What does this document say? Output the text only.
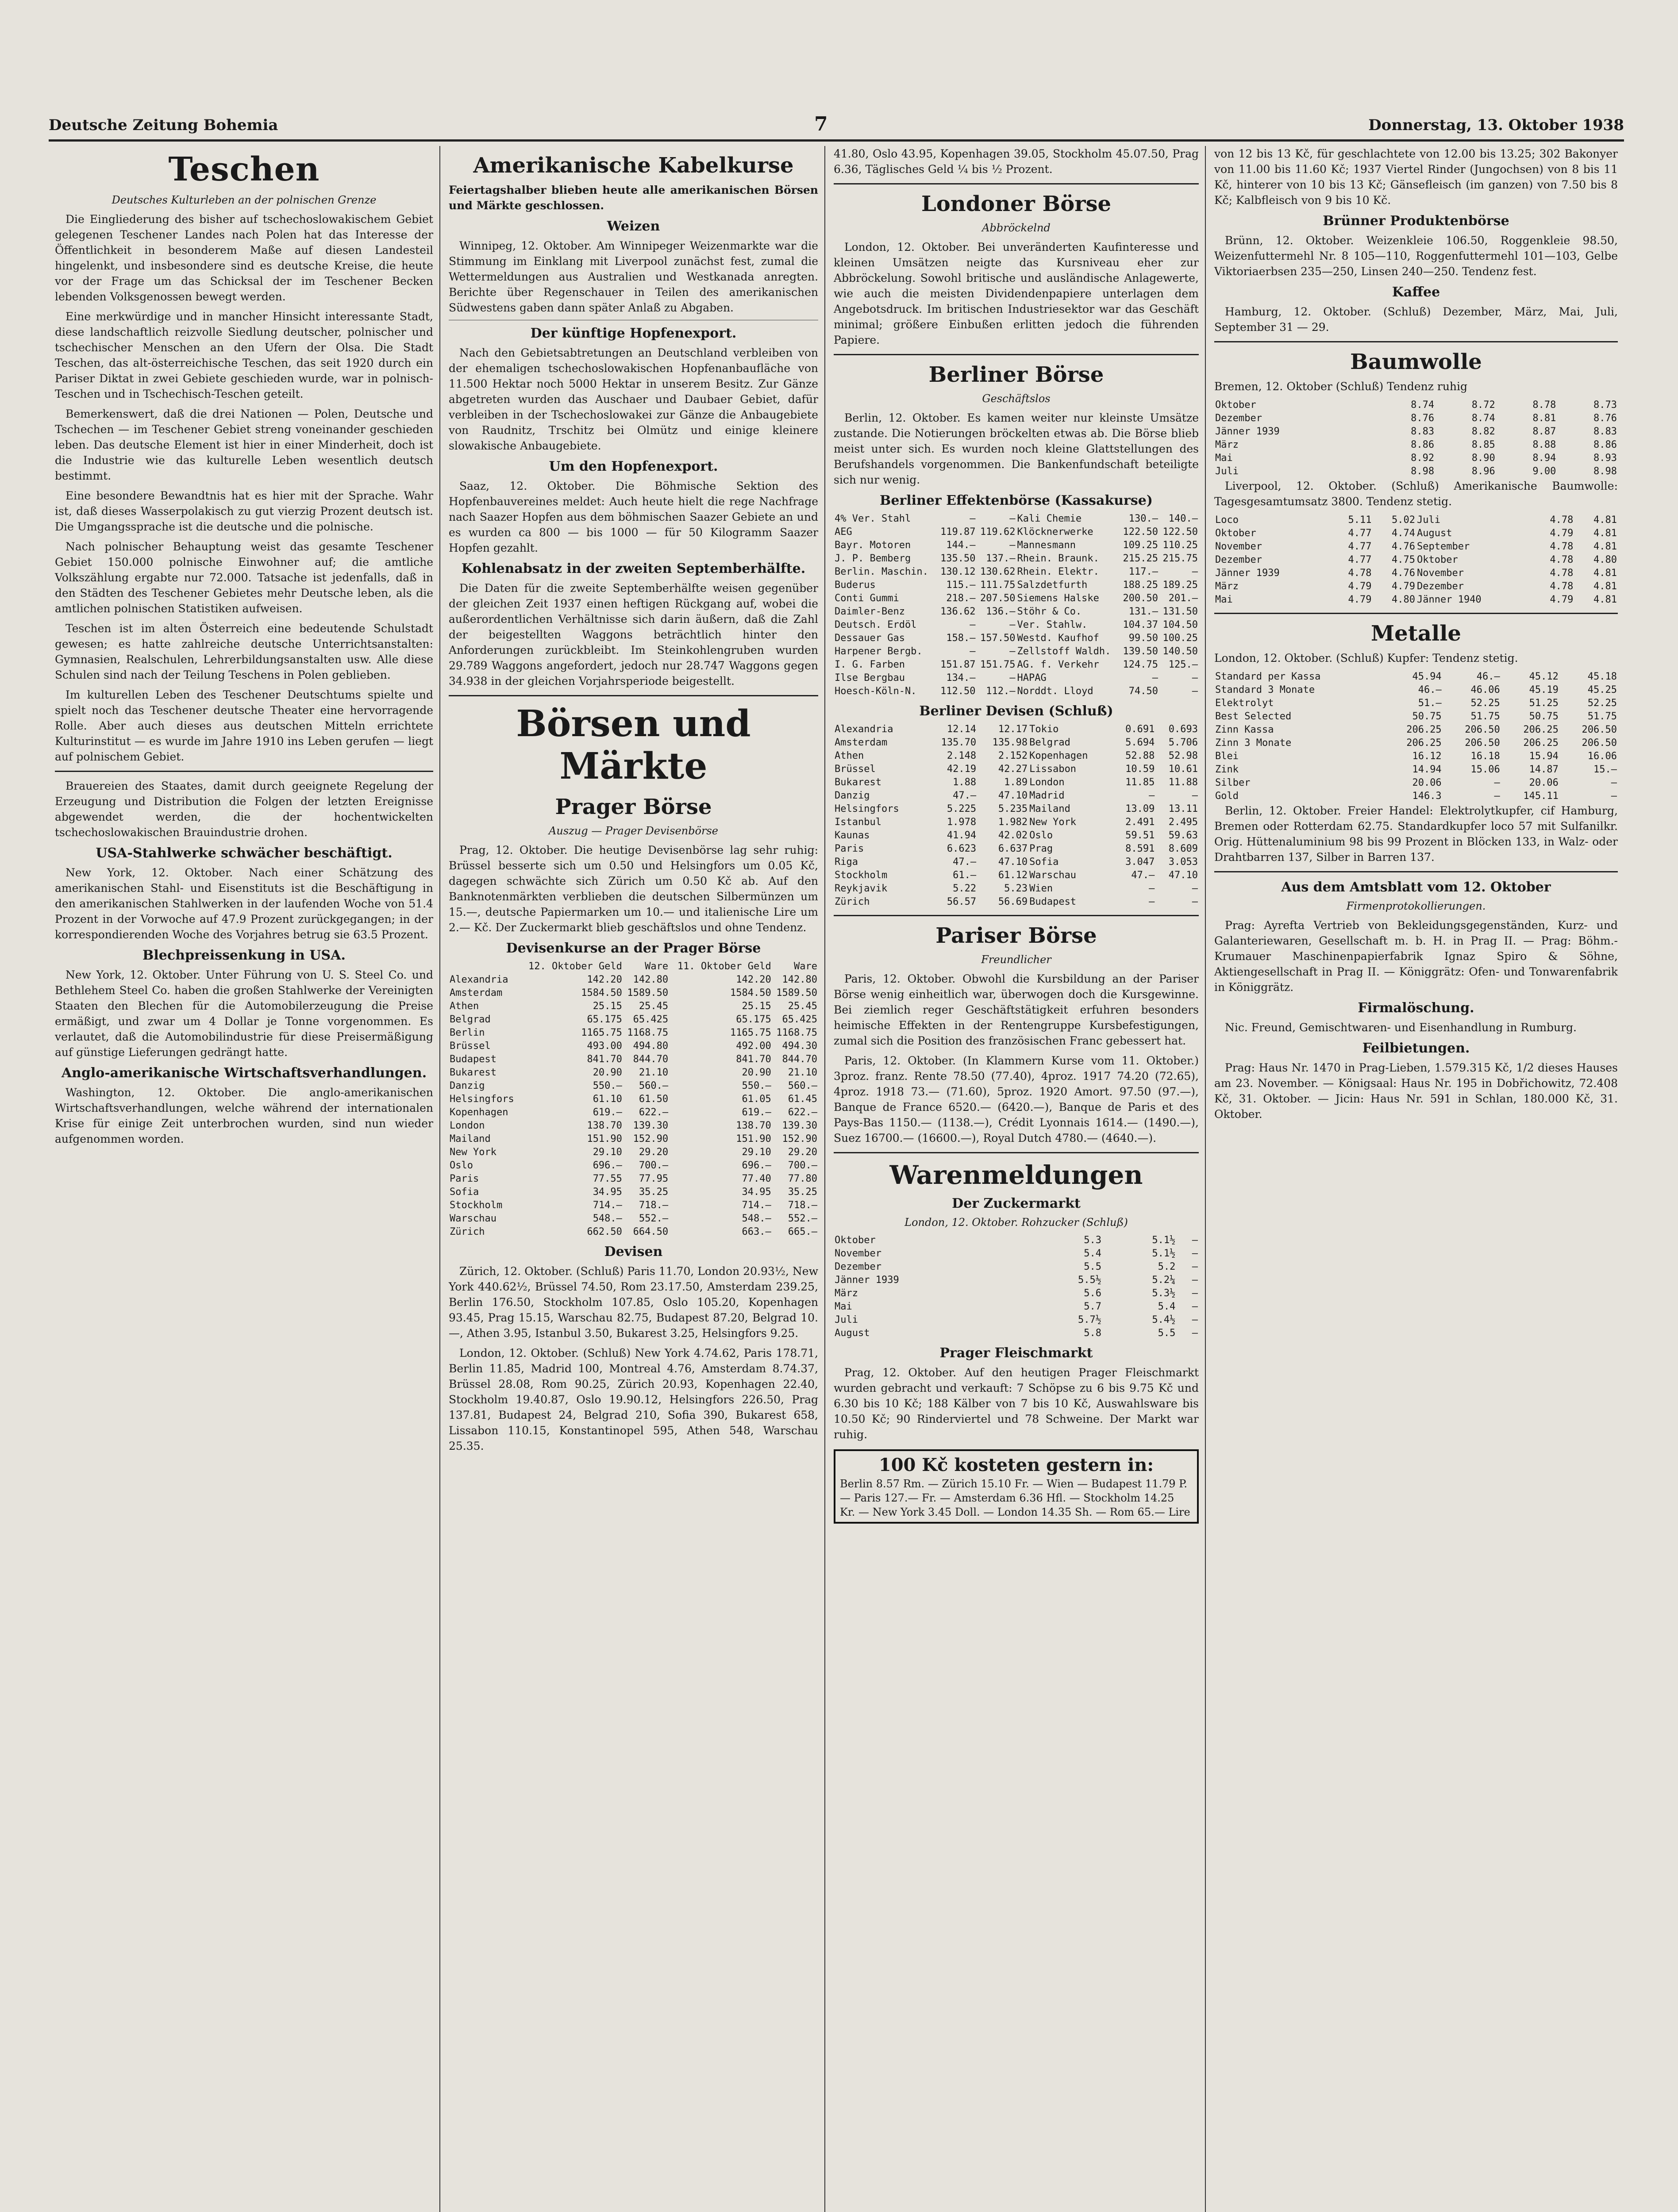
Deutsche Zeitung Bohemia	7	Donnerstag, 13. Oktober 1938
Teschen
Deutsches Kulturleben an der polnischen Grenze

Die Eingliederung des bisher auf tschechoslowakischem Gebiet gelegenen Teschener Landes nach Polen hat das Interesse der Öffentlichkeit in besonderem Maße auf diesen Landesteil hingelenkt, und insbesondere sind es deutsche Kreise, die heute vor der Frage um das Schicksal der im Teschener Becken lebenden Volksgenossen bewegt werden.

Eine merkwürdige und in mancher Hinsicht interessante Stadt, diese landschaftlich reizvolle Siedlung deutscher, polnischer und tschechischer Menschen an den Ufern der Olsa. Die Stadt Teschen, das alt-österreichische Teschen, das seit 1920 durch ein Pariser Diktat in zwei Gebiete geschieden wurde, war in polnisch-Teschen und in Tschechisch-Teschen geteilt.

Bemerkenswert, daß die drei Nationen — Polen, Deutsche und Tschechen — im Teschener Gebiet streng voneinander geschieden leben. Das deutsche Element ist hier in einer Minderheit, doch ist die Industrie wie das kulturelle Leben wesentlich deutsch bestimmt.

Eine besondere Bewandtnis hat es hier mit der Sprache. Wahr ist, daß dieses Wasserpolakisch zu gut vierzig Prozent deutsch ist. Die Umgangssprache ist die deutsche und die polnische.

Nach polnischer Behauptung weist das gesamte Teschener Gebiet 150.000 polnische Einwohner auf; die amtliche Volkszählung ergabte nur 72.000. Tatsache ist jedenfalls, daß in den Städten des Teschener Gebietes mehr Deutsche leben, als die amtlichen polnischen Statistiken aufweisen.

Teschen ist im alten Österreich eine bedeutende Schulstadt gewesen; es hatte zahlreiche deutsche Unterrichtsanstalten: Gymnasien, Realschulen, Lehrerbildungsanstalten usw. Alle diese Schulen sind nach der Teilung Teschens in Polen geblieben.

Im kulturellen Leben des Teschener Deutschtums spielte und spielt noch das Teschener deutsche Theater eine hervorragende Rolle. Aber auch dieses aus deutschen Mitteln errichtete Kulturinstitut — es wurde im Jahre 1910 ins Leben gerufen — liegt auf polnischem Gebiet.

Brauereien des Staates, damit durch geeignete Regelung der Erzeugung und Distribution die Folgen der letzten Ereignisse abgewendet werden, die der hochentwickelten tschechoslowakischen Brauindustrie drohen.

USA-Stahlwerke schwächer beschäftigt.

New York, 12. Oktober. Nach einer Schätzung des amerikanischen Stahl- und Eisenstituts ist die Beschäftigung in den amerikanischen Stahlwerken in der laufenden Woche von 51.4 Prozent in der Vorwoche auf 47.9 Prozent zurückgegangen; in der korrespondierenden Woche des Vorjahres betrug sie 63.5 Prozent.

Blechpreissenkung in USA.

New York, 12. Oktober. Unter Führung von U. S. Steel Co. und Bethlehem Steel Co. haben die großen Stahlwerke der Vereinigten Staaten den Blechen für die Automobilerzeugung die Preise ermäßigt, und zwar um 4 Dollar je Tonne vorgenommen. Es verlautet, daß die Automobilindustrie für diese Preisermäßigung auf günstige Lieferungen gedrängt hatte.

Anglo-amerikanische Wirtschaftsverhandlungen.

Washington, 12. Oktober. Die anglo-amerikanischen Wirtschaftsverhandlungen, welche während der internationalen Krise für einige Zeit unterbrochen wurden, sind nun wieder aufgenommen worden.

Amerikanische Kabelkurse

Feiertagshalber blieben heute alle amerikanischen Börsen und Märkte geschlossen.

Weizen

Winnipeg, 12. Oktober. Am Winnipeger Weizenmarkte war die Stimmung im Einklang mit Liverpool zunächst fest, zumal die Wettermeldungen aus Australien und Westkanada anregten. Berichte über Regenschauer in Teilen des amerikanischen Südwestens gaben dann später Anlaß zu Abgaben.

Der künftige Hopfenexport.

Nach den Gebietsabtretungen an Deutschland verbleiben von der ehemaligen tschechoslowakischen Hopfenanbaufläche von 11.500 Hektar noch 5000 Hektar in unserem Besitz. Zur Gänze abgetreten wurden das Auschaer und Daubaer Gebiet, dafür verbleiben in der Tschechoslowakei zur Gänze die Anbaugebiete von Raudnitz, Trschitz bei Olmütz und einige kleinere slowakische Anbaugebiete.

Um den Hopfenexport.

Saaz, 12. Oktober. Die Böhmische Sektion des Hopfenbauvereines meldet: Auch heute hielt die rege Nachfrage nach Saazer Hopfen aus dem böhmischen Saazer Gebiete an und es wurden ca 800 — bis 1000 — für 50 Kilogramm Saazer Hopfen gezahlt.

Kohlenabsatz in der zweiten Septemberhälfte.

Die Daten für die zweite Septemberhälfte weisen gegenüber der gleichen Zeit 1937 einen heftigen Rückgang auf, wobei die außerordentlichen Verhältnisse sich darin äußern, daß die Zahl der beigestellten Waggons beträchtlich hinter den Anforderungen zurückbleibt. Im Steinkohlengruben wurden 29.789 Waggons angefordert, jedoch nur 28.747 Waggons gegen 34.938 in der gleichen Vorjahrsperiode beigestellt.

Börsen und Märkte
Prager Börse
Auszug — Prager Devisenbörse

Prag, 12. Oktober. Die heutige Devisenbörse lag sehr ruhig: Brüssel besserte sich um 0.50 und Helsingfors um 0.05 Kč, dagegen schwächte sich Zürich um 0.50 Kč ab. Auf den Banknotenmärkten verblieben die deutschen Silbermünzen um 15.—, deutsche Papiermarken um 10.— und italienische Lire um 2.— Kč. Der Zuckermarkt blieb geschäftslos und ohne Tendenz.

Devisenkurse an der Prager Börse
	12. Oktober Geld	Ware	11. Oktober Geld	Ware
Alexandria	142.20	142.80	142.20	142.80
Amsterdam	1584.50	1589.50	1584.50	1589.50
Athen	25.15	25.45	25.15	25.45
Belgrad	65.175	65.425	65.175	65.425
Berlin	1165.75	1168.75	1165.75	1168.75
Brüssel	493.00	494.80	492.00	494.30
Budapest	841.70	844.70	841.70	844.70
Bukarest	20.90	21.10	20.90	21.10
Danzig	550.—	560.—	550.—	560.—
Helsingfors	61.10	61.50	61.05	61.45
Kopenhagen	619.—	622.—	619.—	622.—
London	138.70	139.30	138.70	139.30
Mailand	151.90	152.90	151.90	152.90
New York	29.10	29.20	29.10	29.20
Oslo	696.—	700.—	696.—	700.—
Paris	77.55	77.95	77.40	77.80
Sofia	34.95	35.25	34.95	35.25
Stockholm	714.—	718.—	714.—	718.—
Warschau	548.—	552.—	548.—	552.—
Zürich	662.50	664.50	663.—	665.—
Devisen

Zürich, 12. Oktober. (Schluß) Paris 11.70, London 20.93½, New York 440.62½, Brüssel 74.50, Rom 23.17.50, Amsterdam 239.25, Berlin 176.50, Stockholm 107.85, Oslo 105.20, Kopenhagen 93.45, Prag 15.15, Warschau 82.75, Budapest 87.20, Belgrad 10.—, Athen 3.95, Istanbul 3.50, Bukarest 3.25, Helsingfors 9.25.

London, 12. Oktober. (Schluß) New York 4.74.62, Paris 178.71, Berlin 11.85, Madrid 100, Montreal 4.76, Amsterdam 8.74.37, Brüssel 28.08, Rom 90.25, Zürich 20.93, Kopenhagen 22.40, Stockholm 19.40.87, Oslo 19.90.12, Helsingfors 226.50, Prag 137.81, Budapest 24, Belgrad 210, Sofia 390, Bukarest 658, Lissabon 110.15, Konstantinopel 595, Athen 548, Warschau 25.35.

41.80, Oslo 43.95, Kopenhagen 39.05, Stockholm 45.07.50, Prag 6.36, Täglisches Geld ¼ bis ½ Prozent.

Londoner Börse
Abbröckelnd

London, 12. Oktober. Bei unveränderten Kaufinteresse und kleinen Umsätzen neigte das Kursniveau eher zur Abbröckelung. Sowohl britische und ausländische Anlagewerte, wie auch die meisten Dividendenpapiere unterlagen dem Angebotsdruck. Im britischen Industriesektor war das Geschäft minimal; größere Einbußen erlitten jedoch die führenden Papiere.

Berliner Börse
Geschäftslos

Berlin, 12. Oktober. Es kamen weiter nur kleinste Umsätze zustande. Die Notierungen bröckelten etwas ab. Die Börse blieb meist unter sich. Es wurden noch kleine Glattstellungen des Berufshandels vorgenommen. Die Bankenfundschaft beteiligte sich nur wenig.

Berliner Effektenbörse (Kassakurse)
4% Ver. Stahl	—	—	Kali Chemie	130.—	140.—
AEG	119.87	119.62	Klöcknerwerke	122.50	122.50
Bayr. Motoren	144.—	—	Mannesmann	109.25	110.25
J. P. Bemberg	135.50	137.—	Rhein. Braunk.	215.25	215.75
Berlin. Maschin.	130.12	130.62	Rhein. Elektr.	117.—	—
Buderus	115.—	111.75	Salzdetfurth	188.25	189.25
Conti Gummi	218.—	207.50	Siemens Halske	200.50	201.—
Daimler-Benz	136.62	136.—	Stöhr & Co.	131.—	131.50
Deutsch. Erdöl	—	—	Ver. Stahlw.	104.37	104.50
Dessauer Gas	158.—	157.50	Westd. Kaufhof	99.50	100.25
Harpener Bergb.	—	—	Zellstoff Waldh.	139.50	140.50
I. G. Farben	151.87	151.75	AG. f. Verkehr	124.75	125.—
Ilse Bergbau	134.—	—	HAPAG	—	—
Hoesch-Köln-N.	112.50	112.—	Norddt. Lloyd	74.50	—
Berliner Devisen (Schluß)
Alexandria	12.14	12.17	Tokio	0.691	0.693
Amsterdam	135.70	135.98	Belgrad	5.694	5.706
Athen	2.148	2.152	Kopenhagen	52.88	52.98
Brüssel	42.19	42.27	Lissabon	10.59	10.61
Bukarest	1.88	1.89	London	11.85	11.88
Danzig	47.—	47.10	Madrid	—	—
Helsingfors	5.225	5.235	Mailand	13.09	13.11
Istanbul	1.978	1.982	New York	2.491	2.495
Kaunas	41.94	42.02	Oslo	59.51	59.63
Paris	6.623	6.637	Prag	8.591	8.609
Riga	47.—	47.10	Sofia	3.047	3.053
Stockholm	61.—	61.12	Warschau	47.—	47.10
Reykjavik	5.22	5.23	Wien	—	—
Zürich	56.57	56.69	Budapest	—	—
Pariser Börse
Freundlicher

Paris, 12. Oktober. Obwohl die Kursbildung an der Pariser Börse wenig einheitlich war, überwogen doch die Kursgewinne. Bei ziemlich reger Geschäftstätigkeit erfuhren besonders heimische Effekten in der Rentengruppe Kursbefestigungen, zumal sich die Position des französischen Franc gebessert hat.

Paris, 12. Oktober. (In Klammern Kurse vom 11. Oktober.) 3proz. franz. Rente 78.50 (77.40), 4proz. 1917 74.20 (72.65), 4proz. 1918 73.— (71.60), 5proz. 1920 Amort. 97.50 (97.—), Banque de France 6520.— (6420.—), Banque de Paris et des Pays-Bas 1150.— (1138.—), Crédit Lyonnais 1614.— (1490.—), Suez 16700.— (16600.—), Royal Dutch 4780.— (4640.—).

Warenmeldungen
Der Zuckermarkt
London, 12. Oktober. Rohzucker (Schluß)
Oktober	5.3	5.1½	—
November	5.4	5.1½	—
Dezember	5.5	5.2	—
Jänner 1939	5.5½	5.2¼	—
März	5.6	5.3½	—
Mai	5.7	5.4	—
Juli	5.7½	5.4½	—
August	5.8	5.5	—
Prager Fleischmarkt

Prag, 12. Oktober. Auf den heutigen Prager Fleischmarkt wurden gebracht und verkauft: 7 Schöpse zu 6 bis 9.75 Kč und 6.30 bis 10 Kč; 188 Kälber von 7 bis 10 Kč, Auswahlsware bis 10.50 Kč; 90 Rinderviertel und 78 Schweine. Der Markt war ruhig.

100 Kč kosteten gestern in:
Berlin 8.57 Rm. — Zürich 15.10 Fr. — Wien — Budapest 11.79 P. — Paris 127.— Fr. — Amsterdam 6.36 Hfl. — Stockholm 14.25 Kr. — New York 3.45 Doll. — London 14.35 Sh. — Rom 65.— Lire

von 12 bis 13 Kč, für geschlachtete von 12.00 bis 13.25; 302 Bakonyer von 11.00 bis 11.60 Kč; 1937 Viertel Rinder (Jungochsen) von 8 bis 11 Kč, hinterer von 10 bis 13 Kč; Gänsefleisch (im ganzen) von 7.50 bis 8 Kč; Kalbfleisch von 9 bis 10 Kč.

Brünner Produktenbörse

Brünn, 12. Oktober. Weizenkleie 106.50, Roggenkleie 98.50, Weizenfuttermehl Nr. 8 105—110, Roggenfuttermehl 101—103, Gelbe Viktoriaerbsen 235—250, Linsen 240—250. Tendenz fest.

Kaffee

Hamburg, 12. Oktober. (Schluß) Dezember, März, Mai, Juli, September 31 — 29.

Baumwolle

Bremen, 12. Oktober (Schluß) Tendenz ruhig

Oktober	8.74	8.72	8.78	8.73
Dezember	8.76	8.74	8.81	8.76
Jänner 1939	8.83	8.82	8.87	8.83
März	8.86	8.85	8.88	8.86
Mai	8.92	8.90	8.94	8.93
Juli	8.98	8.96	9.00	8.98

Liverpool, 12. Oktober. (Schluß) Amerikanische Baumwolle: Tagesgesamtumsatz 3800. Tendenz stetig.

Loco	5.11	5.02	Juli	4.78	4.81
Oktober	4.77	4.74	August	4.79	4.81
November	4.77	4.76	September	4.78	4.81
Dezember	4.77	4.75	Oktober	4.78	4.80
Jänner 1939	4.78	4.76	November	4.78	4.81
März	4.79	4.79	Dezember	4.78	4.81
Mai	4.79	4.80	Jänner 1940	4.79	4.81
Metalle

London, 12. Oktober. (Schluß) Kupfer: Tendenz stetig.

Standard per Kassa	45.94	46.—	45.12	45.18
Standard 3 Monate	46.—	46.06	45.19	45.25
Elektrolyt	51.—	52.25	51.25	52.25
Best Selected	50.75	51.75	50.75	51.75
Zinn Kassa	206.25	206.50	206.25	206.50
Zinn 3 Monate	206.25	206.50	206.25	206.50
Blei	16.12	16.18	15.94	16.06
Zink	14.94	15.06	14.87	15.—
Silber	20.06	—	20.06	—
Gold	146.3	—	145.11	—

Berlin, 12. Oktober. Freier Handel: Elektrolytkupfer, cif Hamburg, Bremen oder Rotterdam 62.75. Standardkupfer loco 57 mit Sulfanilkr. Orig. Hüttenaluminium 98 bis 99 Prozent in Blöcken 133, in Walz- oder Drahtbarren 137, Silber in Barren 137.

Aus dem Amtsblatt vom 12. Oktober
Firmenprotokollierungen.

Prag: Ayrefta Vertrieb von Bekleidungsgegenständen, Kurz- und Galanteriewaren, Gesellschaft m. b. H. in Prag II. — Prag: Böhm.-Krumauer Maschinenpapierfabrik Ignaz Spiro & Söhne, Aktiengesellschaft in Prag II. — Königgrätz: Ofen- und Tonwarenfabrik in Königgrätz.

Firmalöschung.

Nic. Freund, Gemischtwaren- und Eisenhandlung in Rumburg.

Feilbietungen.

Prag: Haus Nr. 1470 in Prag-Lieben, 1.579.315 Kč, 1/2 dieses Hauses am 23. November. — Königsaal: Haus Nr. 195 in Dobřichowitz, 72.408 Kč, 31. Oktober. — Jicin: Haus Nr. 591 in Schlan, 180.000 Kč, 31. Oktober.
